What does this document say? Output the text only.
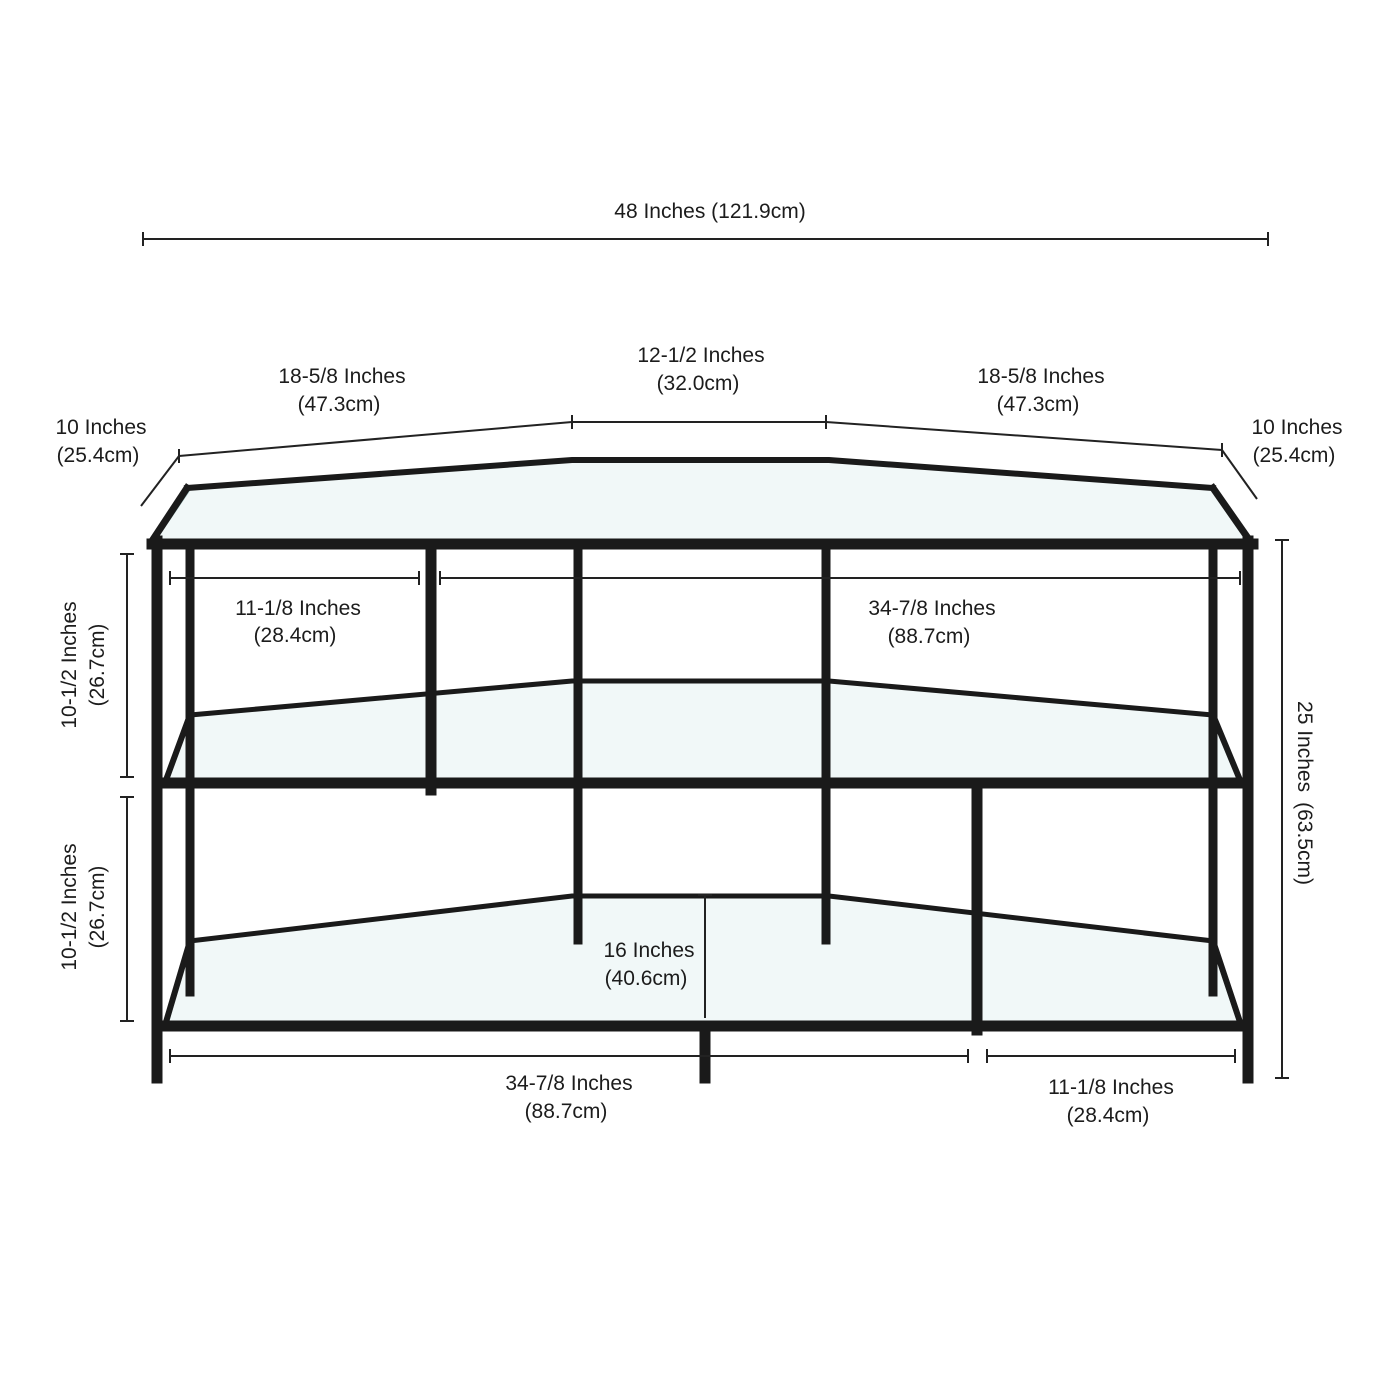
48 Inches (121.9cm)
10 Inches
(25.4cm)
18-5/8 Inches
(47.3cm)
12-1/2 Inches
(32.0cm)	18-5/8 Inches
(47.3cm)
10 Inches
(25.4cm)
11-1/8 Inches
(28.4cm)
34-7/8 Inches
(88.7cm)
10-1/2 Inches (26.7cm)
10-1/2 Inches (26.7cm)
25 Inches(63.5cm)
16 Inches
(40.6cm)
34-7/8 Inches
(88.7cm)
11-1/8 Inches
(28.4cm)
